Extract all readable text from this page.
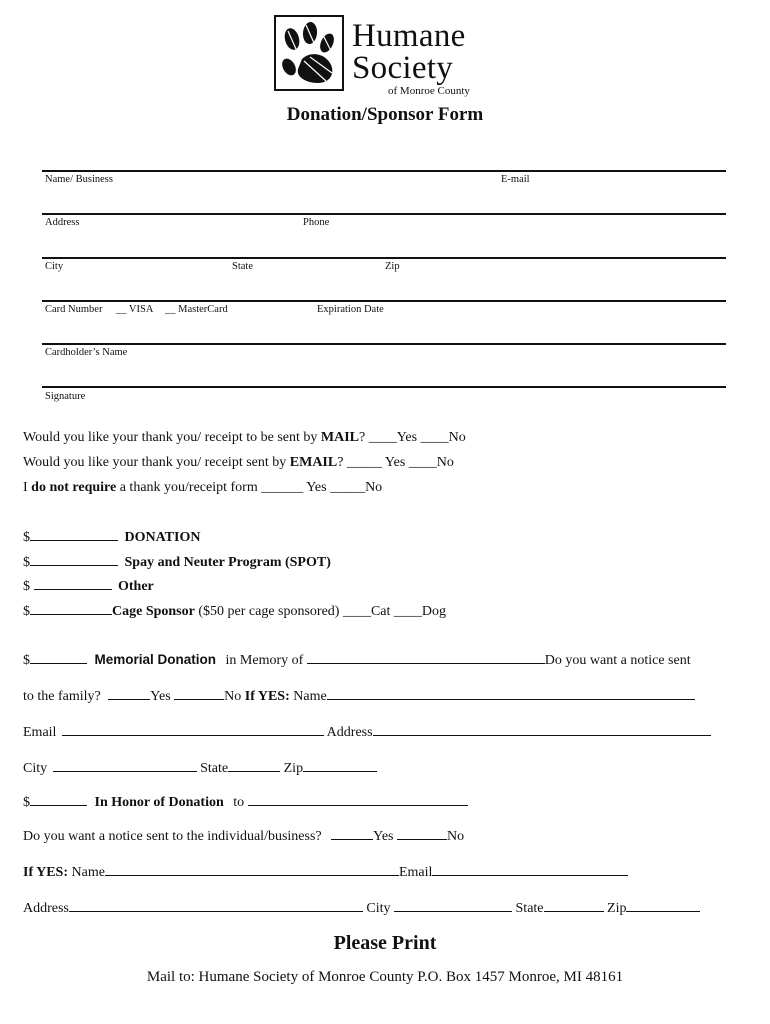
Humane
Society
of Monroe County
Donation/Sponsor Form
Name/ Business	E-mail
Address	Phone
City	State	Zip
Card Number __ VISA __ MasterCard	Expiration Date
Cardholder’s Name
Signature
Would you like your thank you/ receipt to be sent by MAIL? ____Yes ____No
Would you like your thank you/ receipt sent by EMAIL? _____ Yes ____No
I do not require a thank you/receipt form ______ Yes _____No
$	DONATION
$	Spay and Neuter Program (SPOT)
$	Other
$	Cage Sponsor ($50 per cage sponsored) ____Cat ____Dog
$	Memorial Donation in Memory of	Do you want a notice sent
to the family?	Yes	No If YES: Name
Email	Address
City	State	Zip
$	In Honor of Donation to
Do you want a notice sent to the individual/business?	Yes	No
If YES: Name	Email
Address	City	State	Zip
Please Print
Mail to: Humane Society of Monroe County P.O. Box 1457 Monroe, MI 48161
